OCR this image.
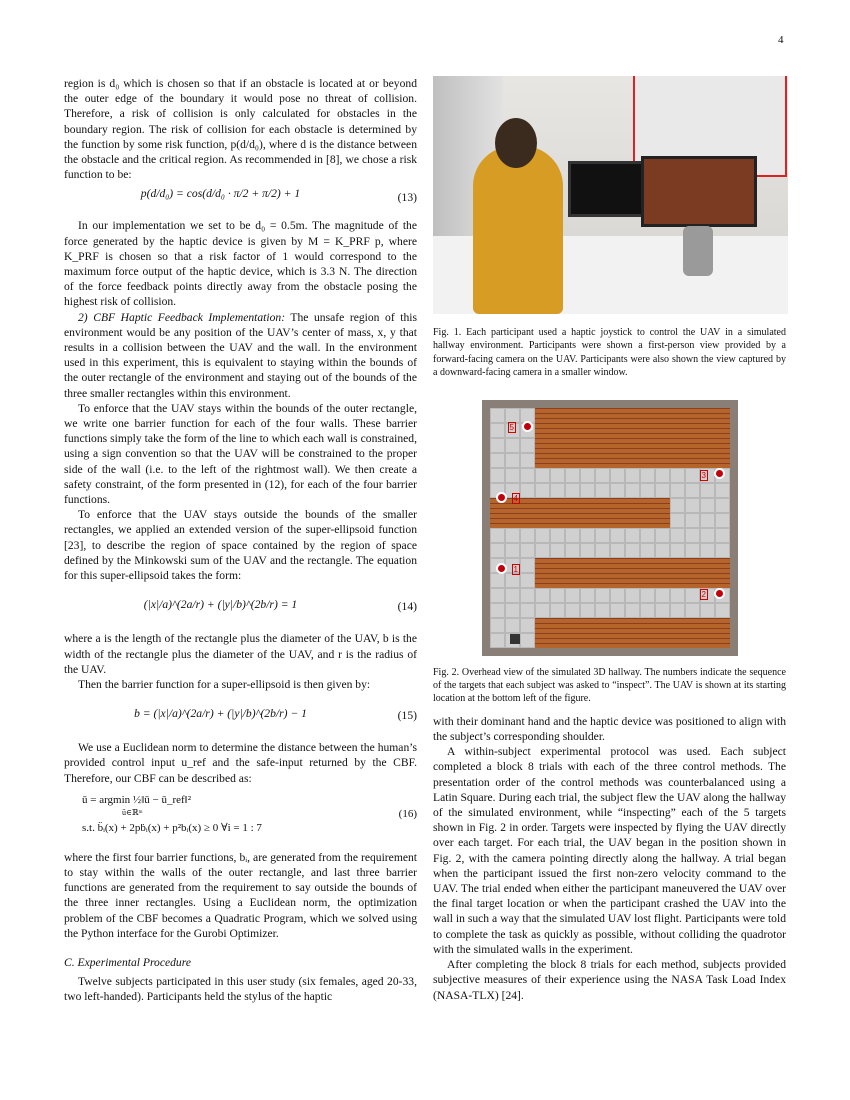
4

region is d₀ which is chosen so that if an obstacle is located at or beyond the outer edge of the boundary it would pose no threat of collision. Therefore, a risk of collision is only calculated for obstacles in the boundary region. The risk of collision for each obstacle is determined by the function by some risk function, p(d/d₀), where d is the distance between the obstacle and the critical region. As recommended in [8], we chose a risk function to be:

p(d/d₀) = cos(d/d₀ · π/2 + π/2) + 1	(13)

In our implementation we set to be d₀ = 0.5m. The magnitude of the force generated by the haptic device is given by M = K_PRF p, where K_PRF is chosen so that a risk factor of 1 would correspond to the maximum force output of the haptic device, which is 3.3 N. The direction of the force feedback points directly away from the obstacle posing the highest risk of collision.

2) CBF Haptic Feedback Implementation: The unsafe region of this environment would be any position of the UAV’s center of mass, x, y that results in a collision between the UAV and the wall. In the environment used in this experiment, this is equivalent to staying within the bounds of the outer rectangle of the environment and staying out of the bounds of the three smaller rectangles within this environment.

To enforce that the UAV stays within the bounds of the outer rectangle, we write one barrier function for each of the four walls. These barrier functions simply take the form of the line to which each wall is constrained, using a sign convention so that the UAV will be constrained to the proper side of the wall (i.e. to the left of the rightmost wall). We then create a safety constraint, of the form presented in (12), for each of the four barrier functions.

To enforce that the UAV stays outside the bounds of the smaller rectangles, we applied an extended version of the super-ellipsoid function [23], to describe the region of space contained by the region of space defined by the Minkowski sum of the UAV and the rectangle. The equation for this super-ellipsoid takes the form:

(|x|/a)^(2a/r) + (|y|/b)^(2b/r) = 1	(14)

where a is the length of the rectangle plus the diameter of the UAV, b is the width of the rectangle plus the diameter of the UAV, and r is the radius of the UAV.

Then the barrier function for a super-ellipsoid is then given by:

b = (|x|/a)^(2a/r) + (|y|/b)^(2b/r) − 1	(15)

We use a Euclidean norm to determine the distance between the human’s provided control input u_ref and the safe-input returned by the CBF. Therefore, our CBF can be described as:

ū = argmin ½‖ū − ū_ref‖²
ū∈ℝᵐ
s.t. b̈ᵢ(x) + 2pḃᵢ(x) + p²bᵢ(x) ≥ 0 ∀i = 1 : 7
(16)

where the first four barrier functions, bᵢ, are generated from the requirement to stay within the walls of the outer rectangle, and last three barrier functions are generated from the requirement to say outside the bounds of the three inner rectangles. Using a Euclidean norm, the optimization problem of the CBF becomes a Quadratic Program, which we solved using the Python interface for the Gurobi Optimizer.

C. Experimental Procedure

Twelve subjects participated in this user study (six females, aged 20-33, two left-handed). Participants held the stylus of the haptic

Fig. 1. Each participant used a haptic joystick to control the UAV in a simulated hallway environment. Participants were shown a first-person view provided by a forward-facing camera on the UAV. Participants were also shown the view captured by a downward-facing camera in a smaller window.

5
3
4
1
2

Fig. 2. Overhead view of the simulated 3D hallway. The numbers indicate the sequence of the targets that each subject was asked to “inspect”. The UAV is shown at its starting location at the bottom left of the figure.

with their dominant hand and the haptic device was positioned to align with the subject’s corresponding shoulder.

A within-subject experimental protocol was used. Each subject completed a block 8 trials with each of the three control methods. The presentation order of the control methods was counterbalanced using a Latin Square. During each trial, the subject flew the UAV along the hallway of the simulated environment, while “inspecting” each of the 5 targets shown in Fig. 2 in order. Targets were inspected by flying the UAV directly over each target. For each trial, the UAV began in the position shown in Fig. 2, with the camera pointing directly along the hallway. A trial began when the participant issued the first non-zero velocity command to the UAV. The trial ended when either the participant maneuvered the UAV over the final target location or when the participant crashed the UAV into the wall in such a way that the simulated UAV lost flight. Participants were told to complete the task as quickly as possible, without colliding the quadrotor with the simulated walls in the experiment.

After completing the block 8 trials for each method, subjects provided subjective measures of their experience using the NASA Task Load Index (NASA-TLX) [24].
